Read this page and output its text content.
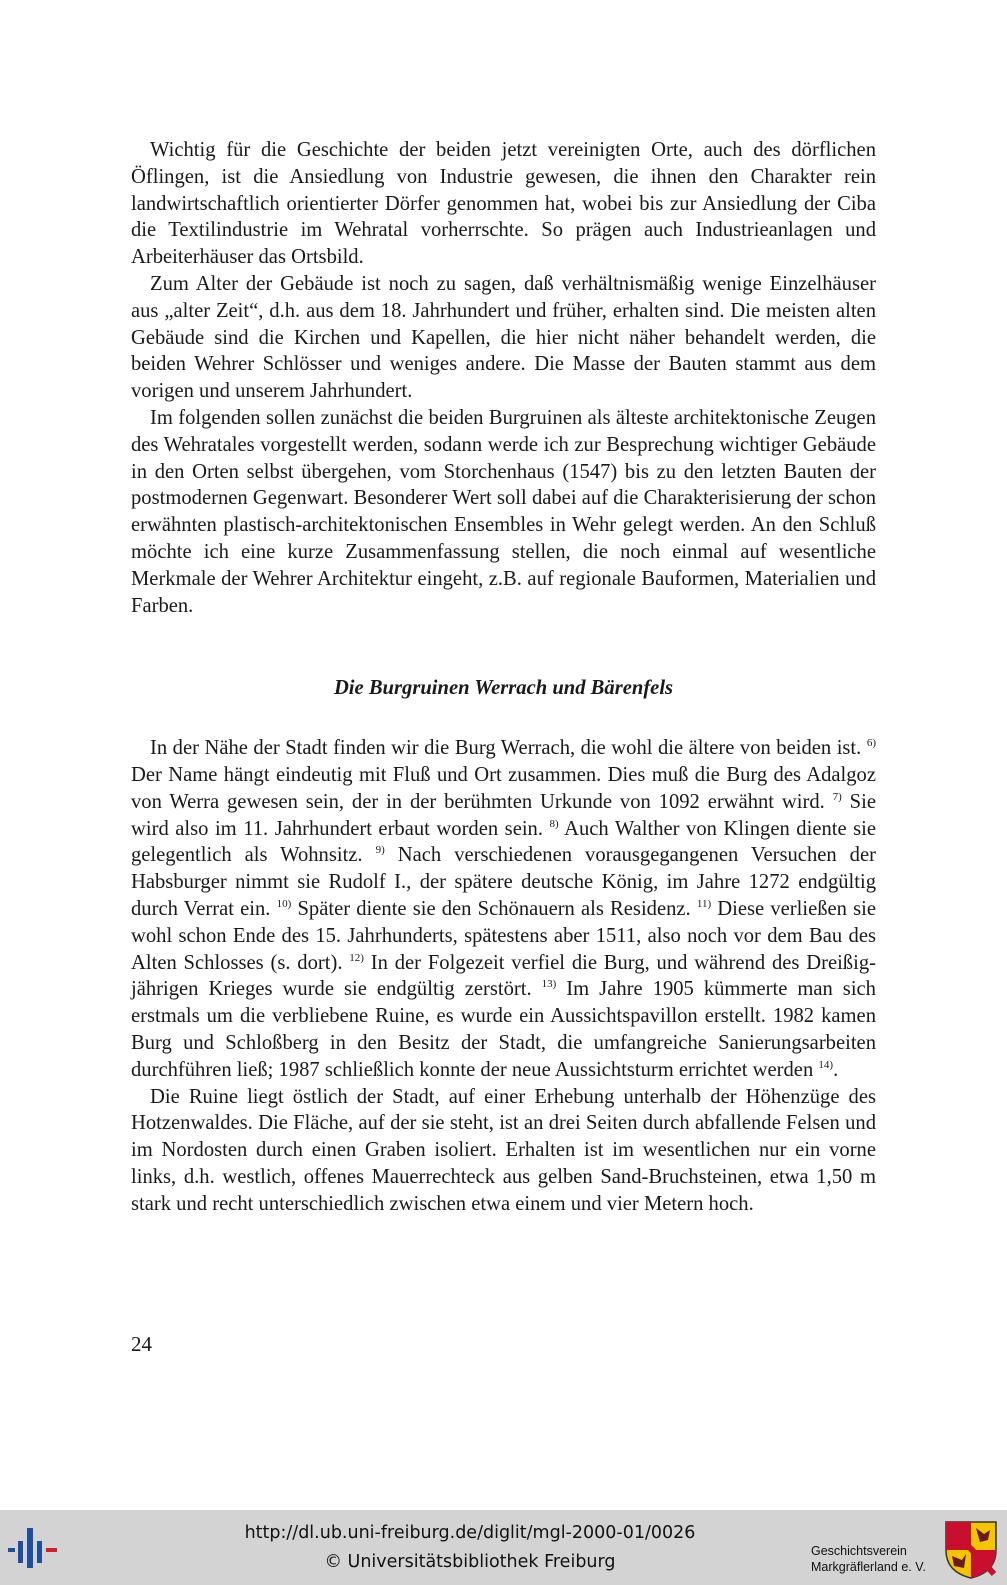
Wichtig für die Geschichte der beiden jetzt vereinigten Orte, auch des dörflichen Öflingen, ist die Ansiedlung von Industrie gewesen, die ihnen den Charakter rein landwirtschaftlich orientierter Dörfer genommen hat, wobei bis zur Ansiedlung der Ciba die Textilindustrie im Wehratal vorherrschte. So prägen auch Industrieanlagen und Arbeiterhäuser das Ortsbild.

Zum Alter der Gebäude ist noch zu sagen, daß verhältnismäßig wenige Einzelhäuser aus „alter Zeit“, d.h. aus dem 18. Jahrhundert und früher, erhalten sind. Die meisten alten Gebäude sind die Kirchen und Kapellen, die hier nicht näher behandelt werden, die beiden Wehrer Schlösser und weniges andere. Die Masse der Bauten stammt aus dem vorigen und unserem Jahrhundert.

Im folgenden sollen zunächst die beiden Burgruinen als älteste architektonische Zeugen des Wehratales vorgestellt werden, sodann werde ich zur Besprechung wichtiger Gebäude in den Orten selbst übergehen, vom Storchenhaus (1547) bis zu den letzten Bauten der postmodernen Gegenwart. Besonderer Wert soll dabei auf die Charakterisierung der schon erwähnten plastisch-architektonischen Ensembles in Wehr gelegt werden. An den Schluß möchte ich eine kurze Zusammenfassung stellen, die noch einmal auf wesentliche Merkmale der Wehrer Architektur eingeht, z.B. auf regionale Bauformen, Materialien und Farben.

Die Burgruinen Werrach und Bärenfels

In der Nähe der Stadt finden wir die Burg Werrach, die wohl die ältere von beiden ist. $^{6)}$ Der Name hängt eindeutig mit Fluß und Ort zusammen. Dies muß die Burg des Adalgoz von Werra gewesen sein, der in der berühmten Urkunde von 1092 erwähnt wird. $^{7)}$ Sie wird also im 11. Jahrhundert erbaut worden sein. $^{8)}$ Auch Walther von Klingen diente sie gelegentlich als Wohnsitz. $^{9)}$ Nach verschiedenen vorausgegangenen Versuchen der Habsburger nimmt sie Rudolf I., der spätere deutsche König, im Jahre 1272 endgültig durch Verrat ein. $^{10)}$ Später diente sie den Schönauern als Residenz. $^{11)}$ Diese verließen sie wohl schon Ende des 15. Jahrhunderts, spätestens aber 1511, also noch vor dem Bau des Alten Schlosses (s. dort). $^{12)}$ In der Folgezeit verfiel die Burg, und während des Dreißigjährigen Krieges wurde sie endgültig zerstört. $^{13)}$ Im Jahre 1905 kümmerte man sich erstmals um die verbliebene Ruine, es wurde ein Aussichtspavillon erstellt. 1982 kamen Burg und Schloßberg in den Besitz der Stadt, die umfangreiche Sanierungsarbeiten durchführen ließ; 1987 schließlich konnte der neue Aussichtsturm errichtet werden $^{14)}$.

Die Ruine liegt östlich der Stadt, auf einer Erhebung unterhalb der Höhenzüge des Hotzenwaldes. Die Fläche, auf der sie steht, ist an drei Seiten durch abfallende Felsen und im Nordosten durch einen Graben isoliert. Erhalten ist im wesentlichen nur ein vorne links, d.h. westlich, offenes Mauerrechteck aus gelben Sand-Bruchsteinen, etwa 1,50 m stark und recht unterschiedlich zwischen etwa einem und vier Metern hoch.

24
http://dl.ub.uni-freiburg.de/diglit/mgl-2000-01/0026
© Universitätsbibliothek Freiburg
Geschichtsverein
Markgräflerland e. V.
